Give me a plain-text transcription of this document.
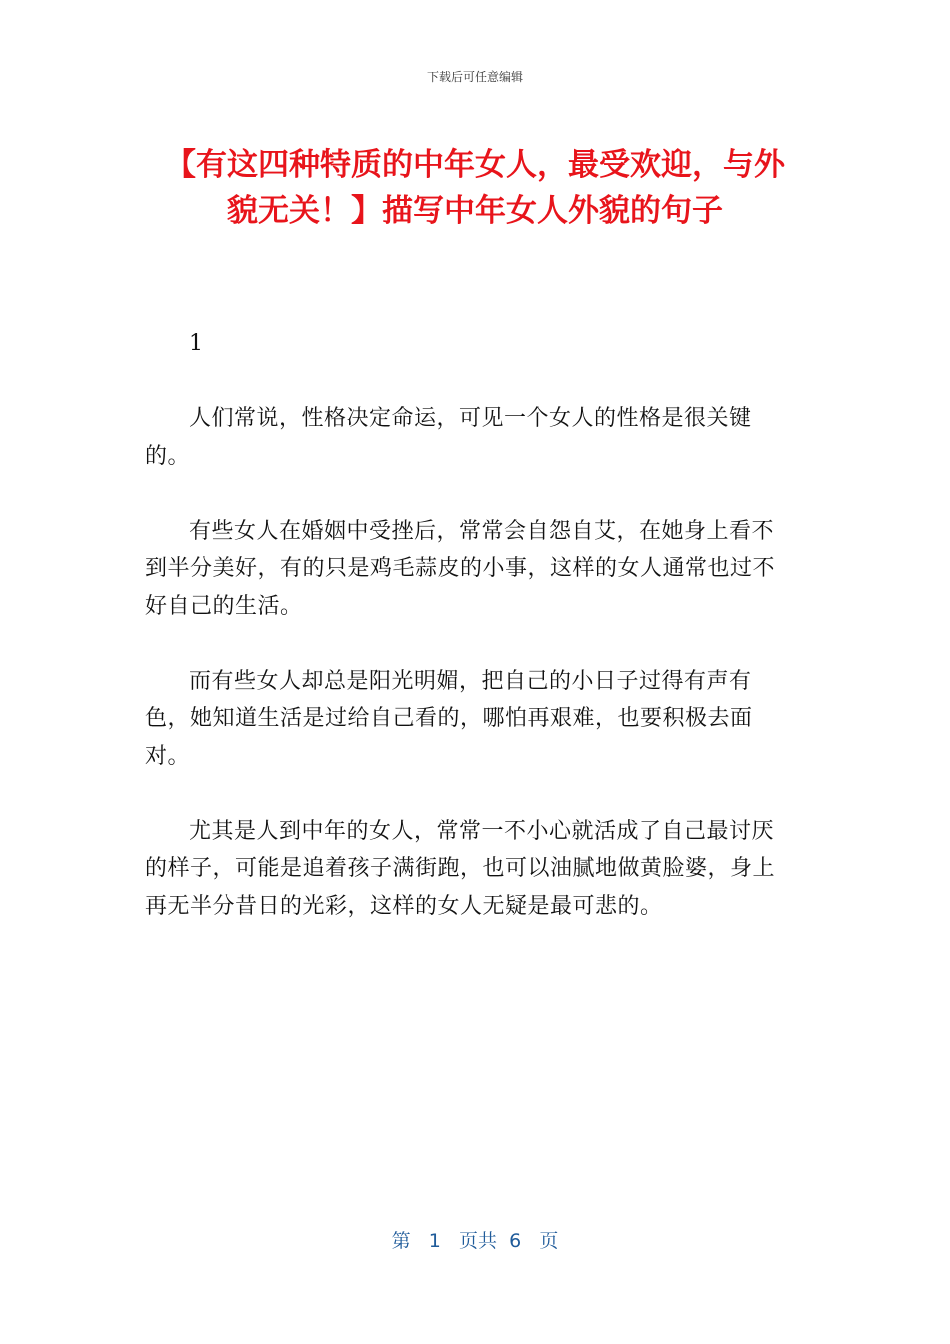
下载后可任意编辑
【有这四种特质的中年女人，最受欢迎，与外貌无关！】描写中年女人外貌的句子

1

人们常说，性格决定命运，可见一个女人的性格是很关键的。

有些女人在婚姻中受挫后，常常会自怨自艾，在她身上看不到半分美好，有的只是鸡毛蒜皮的小事，这样的女人通常也过不好自己的生活。

而有些女人却总是阳光明媚，把自己的小日子过得有声有色，她知道生活是过给自己看的，哪怕再艰难，也要积极去面对。

尤其是人到中年的女人，常常一不小心就活成了自己最讨厌的样子，可能是追着孩子满街跑，也可以油腻地做黄脸婆，身上再无半分昔日的光彩，这样的女人无疑是最可悲的。

第 1 页共 6 页
